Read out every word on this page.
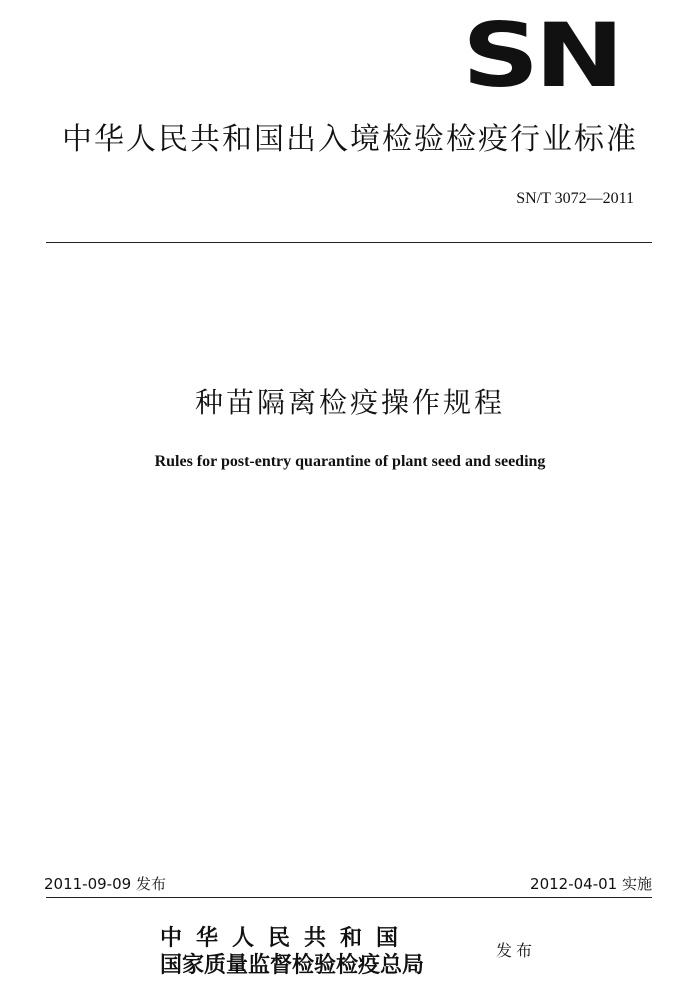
SN
中华人民共和国出入境检验检疫行业标准
SN/T 3072—2011
种苗隔离检疫操作规程
Rules for post-entry quarantine of plant seed and seeding
2011-09-09 发布	2012-04-01 实施
中华人民共和国
国家质量监督检验检疫总局
发布
